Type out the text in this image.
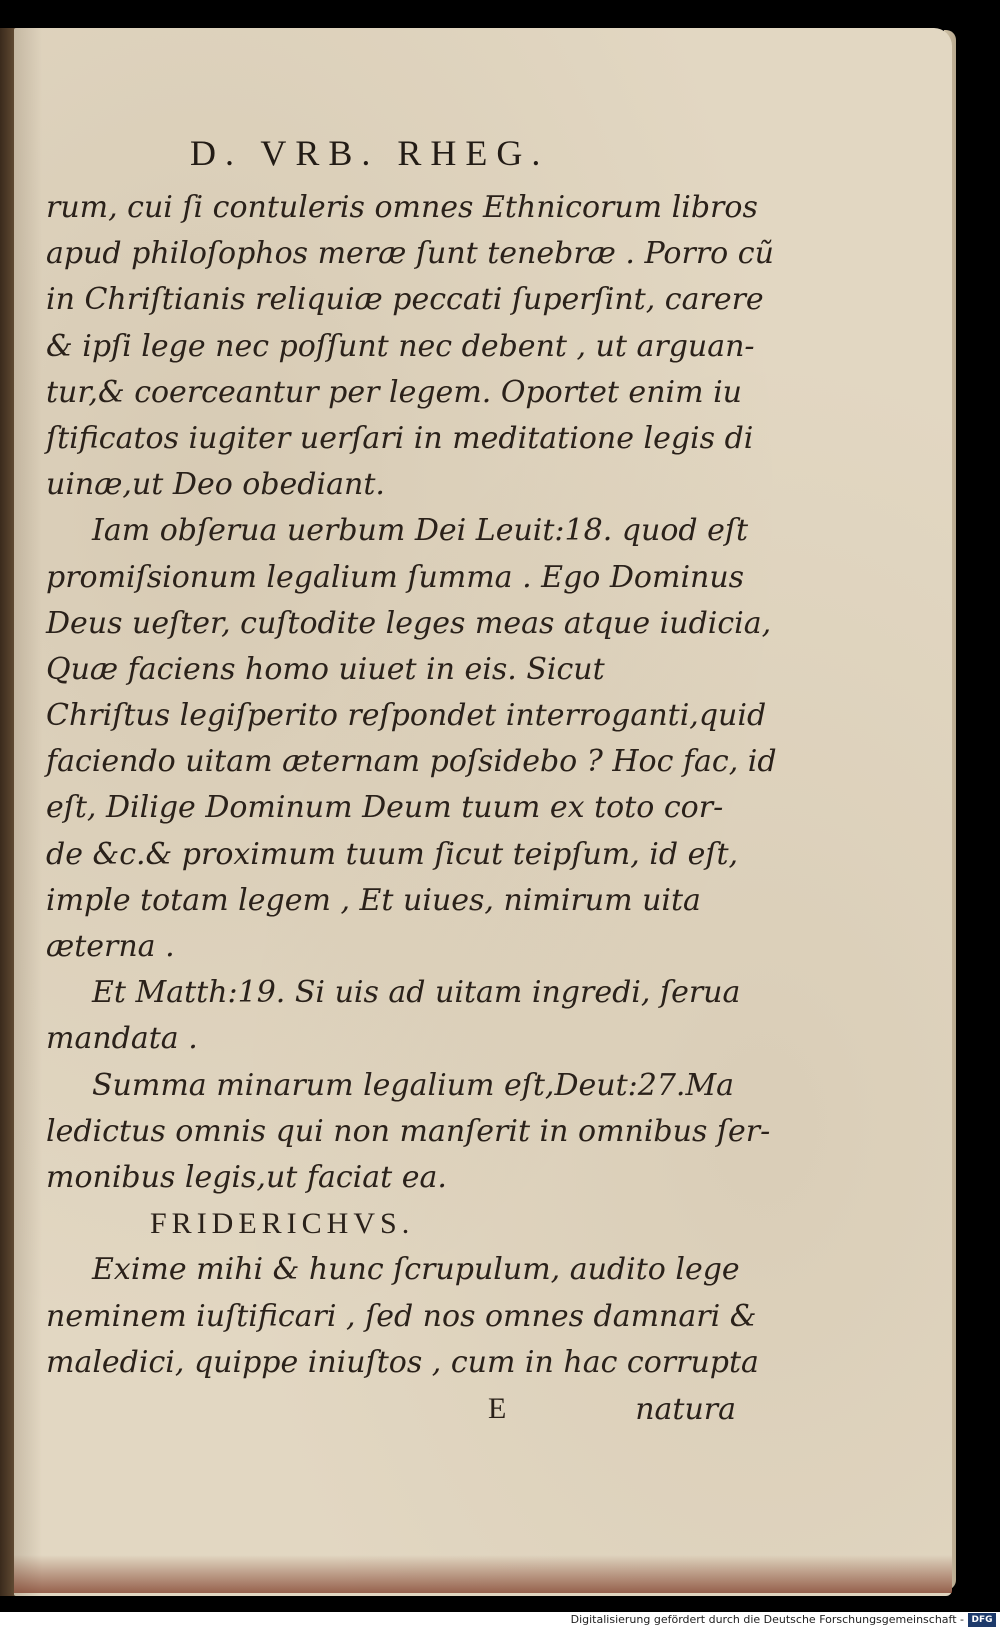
D. VRB. RHEG.
rum, cui ſi contuleris omnes Ethnicorum libros
apud philoſophos meræ ſunt tenebræ . Porro cũ
in Chriſtianis reliquiæ peccati ſuperſint, carere
& ipſi lege nec poſſunt nec debent , ut arguan-
tur,& coerceantur per legem. Oportet enim iu
ſtificatos iugiter uerſari in meditatione legis di
uinæ,ut Deo obediant.
Iam obſerua uerbum Dei Leuit:18. quod eſt
promiſsionum legalium ſumma . Ego Dominus
Deus ueſter, cuſtodite leges meas atque iudicia,
Quæ faciens homo uiuet in eis. Sicut
Chriſtus legiſperito reſpondet interroganti,quid
faciendo uitam æternam poſsidebo ? Hoc fac, id
eſt, Dilige Dominum Deum tuum ex toto cor-
de &c.& proximum tuum ſicut teipſum, id eſt,
imple totam legem , Et uiues, nimirum uita
æterna .
Et Matth:19. Si uis ad uitam ingredi, ſerua
mandata .
Summa minarum legalium eſt,Deut:27.Ma
ledictus omnis qui non manſerit in omnibus ſer-
monibus legis,ut faciat ea.
FRIDERICHVS.
Exime mihi & hunc ſcrupulum, audito lege
neminem iuſtificari , ſed nos omnes damnari &
maledici, quippe iniuſtos , cum in hac corrupta
E	natura
Digitalisierung gefördert durch die Deutsche Forschungsgemeinschaft - DFG
